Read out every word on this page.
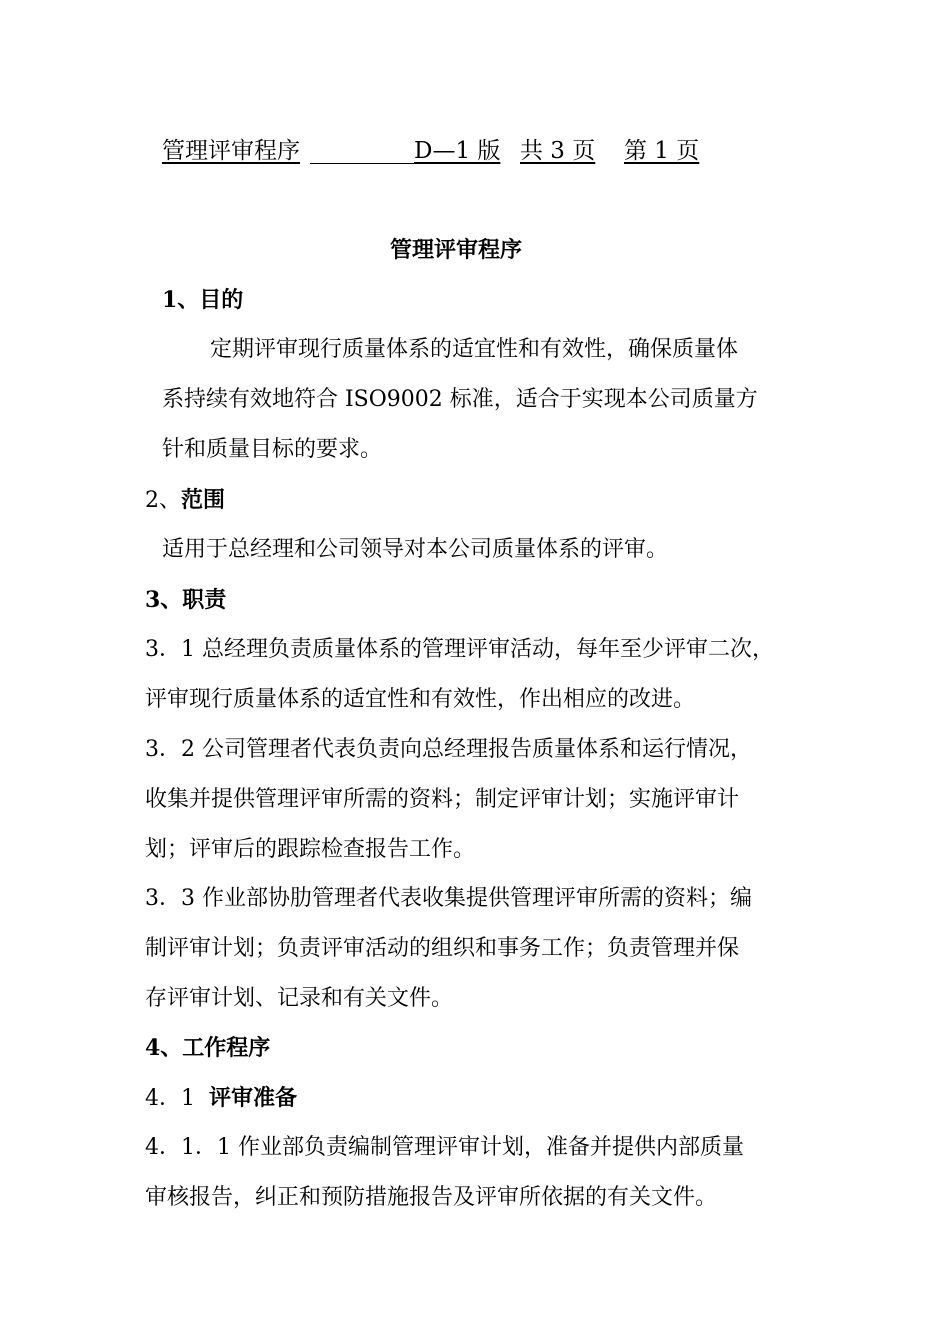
管理评审程序	D—1 版 共 3 页 第 1 页
管理评审程序
1、目的
定期评审现行质量体系的适宜性和有效性，确保质量体
系持续有效地符合 ISO9002 标准，适合于实现本公司质量方
针和质量目标的要求。
2、范围
适用于总经理和公司领导对本公司质量体系的评审。
3、职责
3．1 总经理负责质量体系的管理评审活动，每年至少评审二次，
评审现行质量体系的适宜性和有效性，作出相应的改进。
3．2 公司管理者代表负责向总经理报告质量体系和运行情况，
收集并提供管理评审所需的资料；制定评审计划；实施评审计
划；评审后的跟踪检查报告工作。
3．3 作业部协肋管理者代表收集提供管理评审所需的资料；编
制评审计划；负责评审活动的组织和事务工作；负责管理并保
存评审计划、记录和有关文件。
4、工作程序
4．1 评审准备
4．1．1 作业部负责编制管理评审计划，准备并提供内部质量
审核报告，纠正和预防措施报告及评审所依据的有关文件。
